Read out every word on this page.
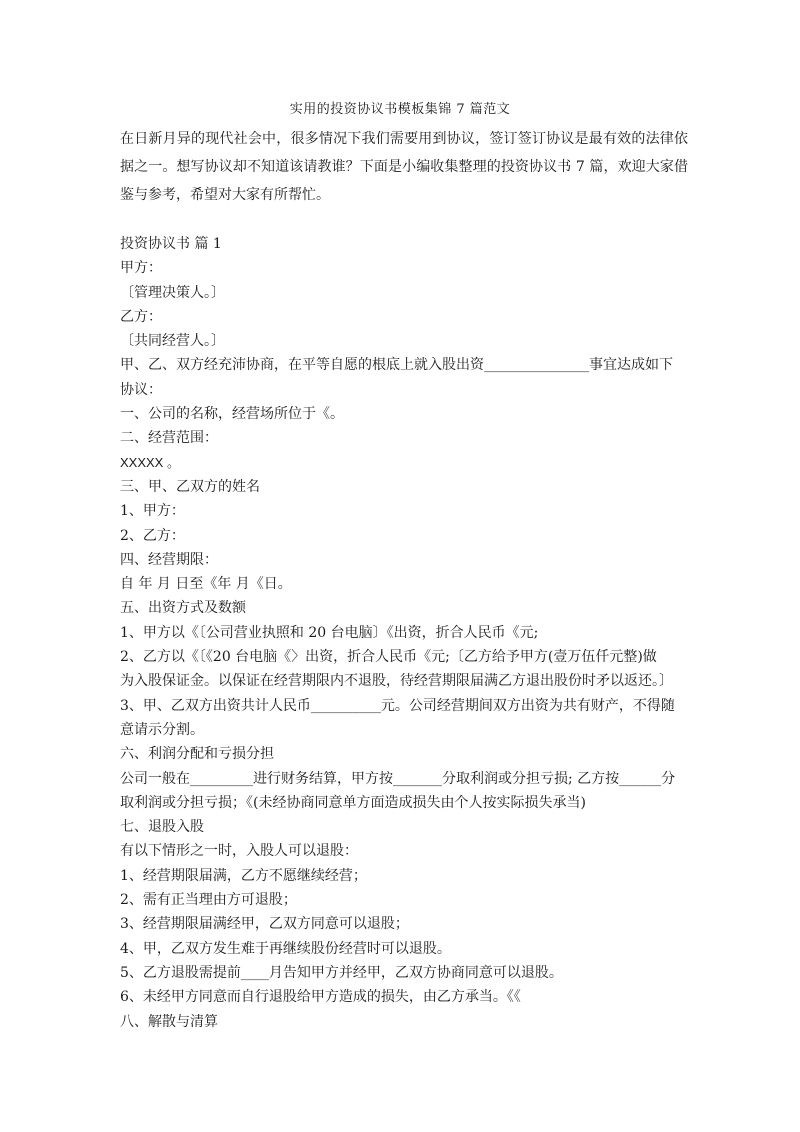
实用的投资协议书模板集锦 7 篇范文
在日新月异的现代社会中，很多情况下我们需要用到协议，签订签订协议是最有效的法律依据之一。想写协议却不知道该请教谁？下面是小编收集整理的投资协议书 7 篇，欢迎大家借鉴与参考，希望对大家有所帮忙。
投资协议书 篇 1
甲方：
〔管理决策人。〕
乙方：
〔共同经营人。〕
甲、乙、双方经充沛协商，在平等自愿的根底上就入股出资_______________事宜达成如下
协议：
一、公司的名称，经营场所位于《。
二、经营范围：
XXXXX 。
三、甲、乙双方的姓名
1、甲方：
2、乙方：
四、经营期限：
自 年 月 日至《年 月《日。
五、出资方式及数额
1、甲方以《〔公司营业执照和 20 台电脑〕《出资，折合人民币《元;
2、乙方以《〔《20 台电脑《〉出资，折合人民币《元;〔乙方给予甲方(壹万伍仟元整)做
为入股保证金。以保证在经营期限内不退股，待经营期限届满乙方退出股份时矛以返还。〕
3、甲、乙双方出资共计人民币__________元。公司经营期间双方出资为共有财产，不得随
意请示分割。
六、利润分配和亏损分担
公司一般在_________进行财务结算，甲方按_______分取利润或分担亏损; 乙方按______分
取利润或分担亏损；《(未经协商同意单方面造成损失由个人按实际损失承当)
七、退股入股
有以下情形之一时，入股人可以退股：
1、经营期限届满，乙方不愿继续经营；
2、需有正当理由方可退股；
3、经营期限届满经甲，乙双方同意可以退股；
4、甲，乙双方发生难于再继续股份经营时可以退股。
5、乙方退股需提前____月告知甲方并经甲，乙双方协商同意可以退股。
6、未经甲方同意而自行退股给甲方造成的损失，由乙方承当。《《
八、解散与清算
